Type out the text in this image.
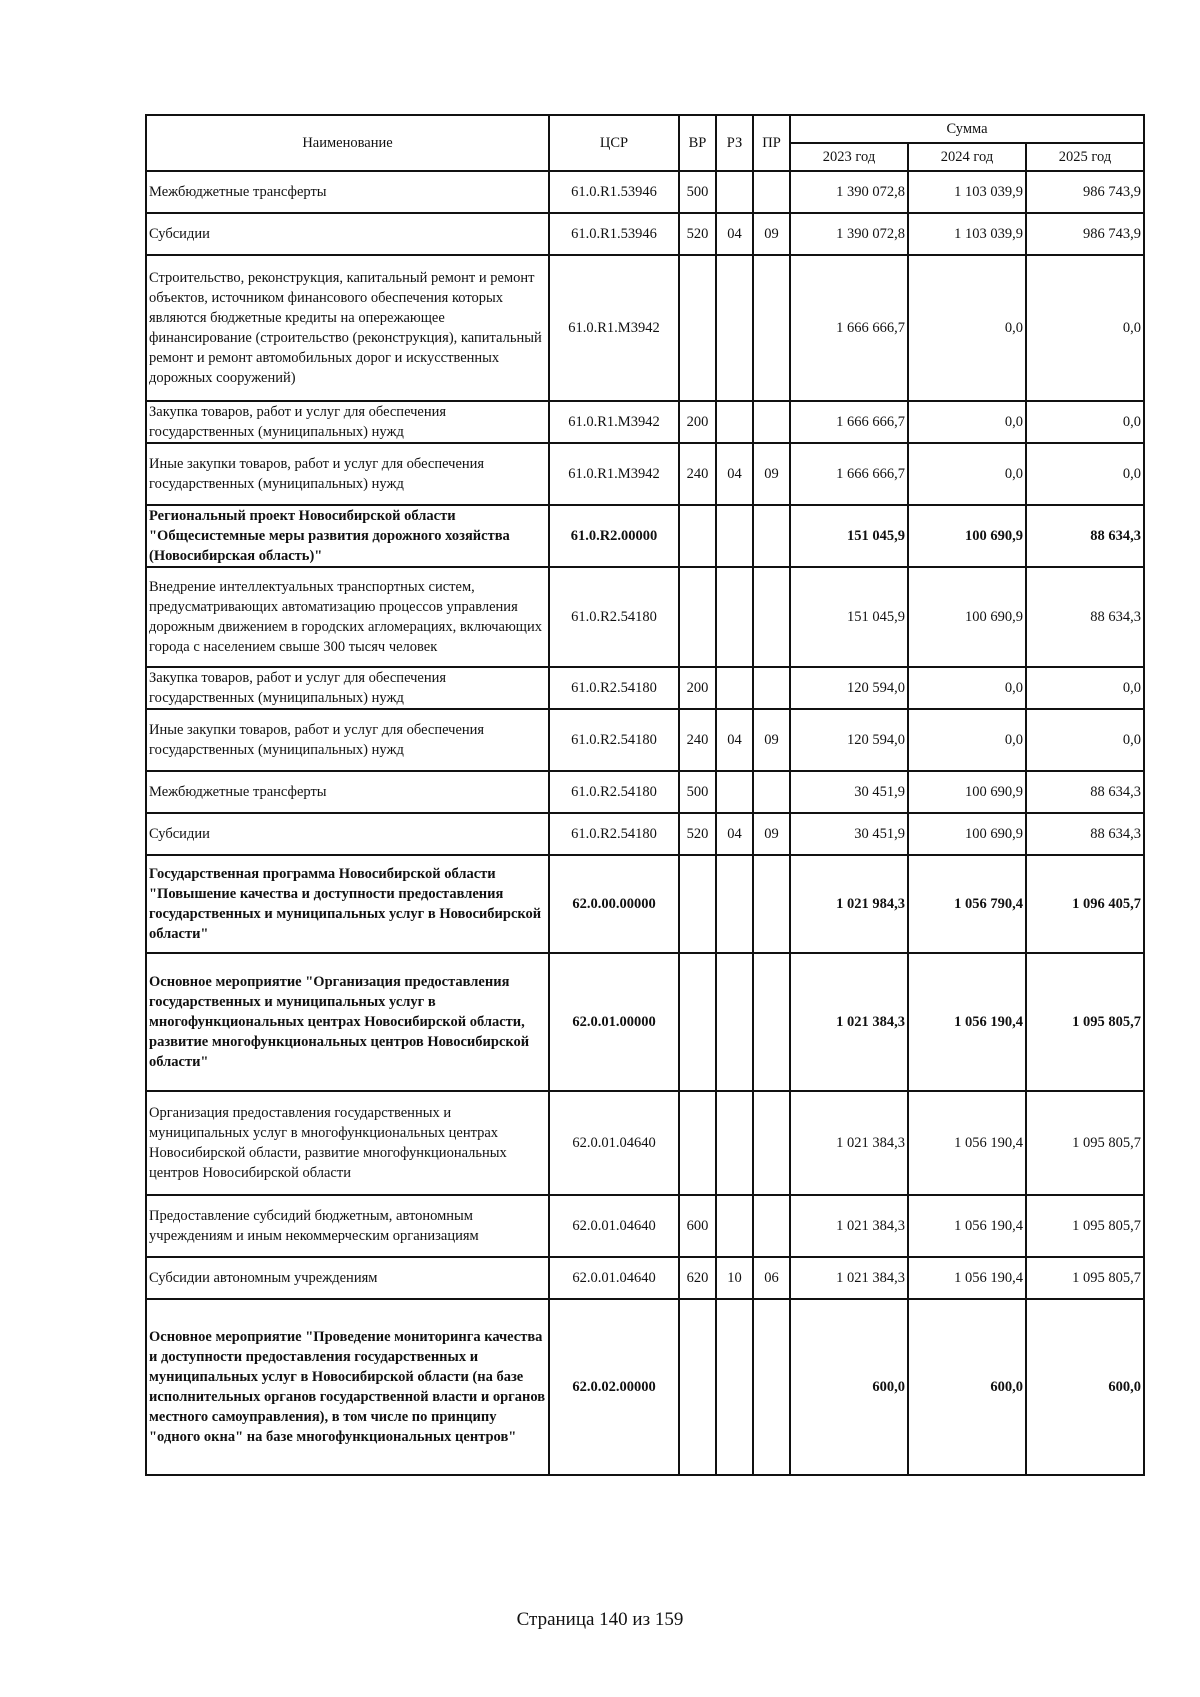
Наименование	ЦСР	ВР	РЗ	ПР	Сумма		
					2023 год	2024 год	2025 год
Межбюджетные трансферты	61.0.R1.53946	500			1 390 072,8	1 103 039,9	986 743,9
Субсидии	61.0.R1.53946	520	04	09	1 390 072,8	1 103 039,9	986 743,9
Строительство, реконструкция, капитальный ремонт и ремонт объектов, источником финансового обеспечения которых являются бюджетные кредиты на опережающее финансирование (строительство (реконструкция), капитальный ремонт и ремонт автомобильных дорог и искусственных дорожных сооружений)	61.0.R1.M3942				1 666 666,7	0,0	0,0
Закупка товаров, работ и услуг для обеспечения государственных (муниципальных) нужд	61.0.R1.M3942	200			1 666 666,7	0,0	0,0
Иные закупки товаров, работ и услуг для обеспечения государственных (муниципальных) нужд	61.0.R1.M3942	240	04	09	1 666 666,7	0,0	0,0
Региональный проект Новосибирской области "Общесистемные меры развития дорожного хозяйства (Новосибирская область)"	61.0.R2.00000				151 045,9	100 690,9	88 634,3
Внедрение интеллектуальных транспортных систем, предусматривающих автоматизацию процессов управления дорожным движением в городских агломерациях, включающих города с населением свыше 300 тысяч человек	61.0.R2.54180				151 045,9	100 690,9	88 634,3
Закупка товаров, работ и услуг для обеспечения государственных (муниципальных) нужд	61.0.R2.54180	200			120 594,0	0,0	0,0
Иные закупки товаров, работ и услуг для обеспечения государственных (муниципальных) нужд	61.0.R2.54180	240	04	09	120 594,0	0,0	0,0
Межбюджетные трансферты	61.0.R2.54180	500			30 451,9	100 690,9	88 634,3
Субсидии	61.0.R2.54180	520	04	09	30 451,9	100 690,9	88 634,3
Государственная программа Новосибирской области "Повышение качества и доступности предоставления государственных и муниципальных услуг в Новосибирской области"	62.0.00.00000				1 021 984,3	1 056 790,4	1 096 405,7
Основное мероприятие "Организация предоставления государственных и муниципальных услуг в многофункциональных центрах Новосибирской области, развитие многофункциональных центров Новосибирской области"	62.0.01.00000				1 021 384,3	1 056 190,4	1 095 805,7
Организация предоставления государственных и муниципальных услуг в многофункциональных центрах Новосибирской области, развитие многофункциональных центров Новосибирской области	62.0.01.04640				1 021 384,3	1 056 190,4	1 095 805,7
Предоставление субсидий бюджетным, автономным учреждениям и иным некоммерческим организациям	62.0.01.04640	600			1 021 384,3	1 056 190,4	1 095 805,7
Субсидии автономным учреждениям	62.0.01.04640	620	10	06	1 021 384,3	1 056 190,4	1 095 805,7
Основное мероприятие "Проведение мониторинга качества и доступности предоставления государственных и муниципальных услуг в Новосибирской области (на базе исполнительных органов государственной власти и органов местного самоуправления), в том числе по принципу "одного окна" на базе многофункциональных центров"	62.0.02.00000				600,0	600,0	600,0
Страница 140 из 159
